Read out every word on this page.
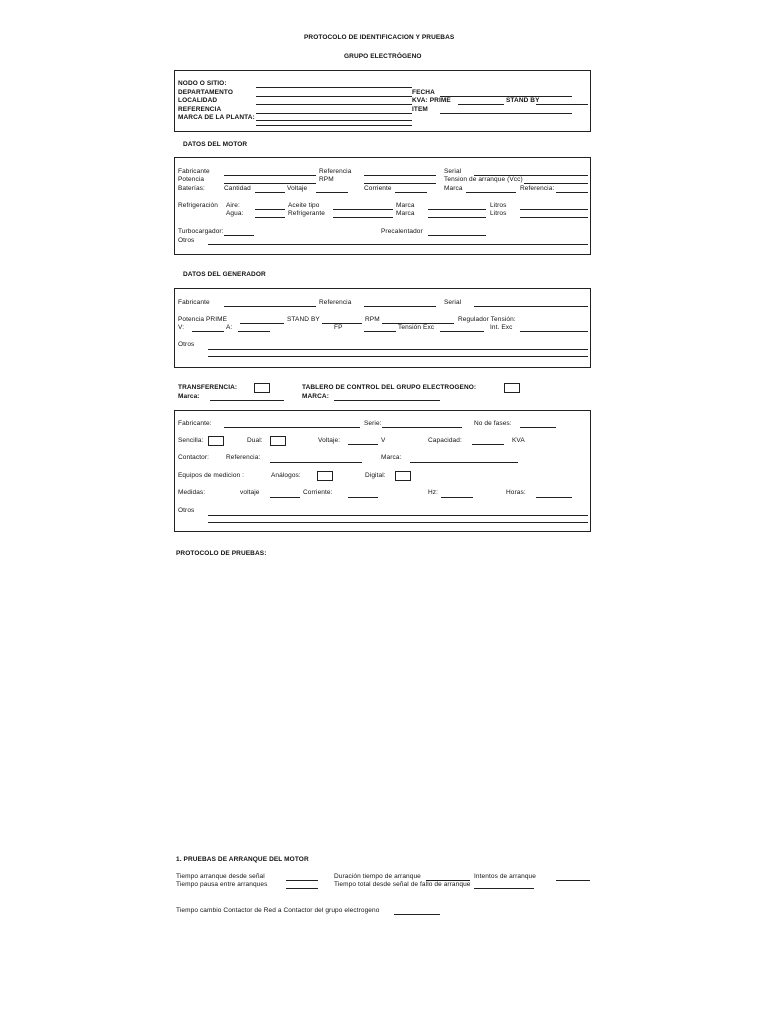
PROTOCOLO DE IDENTIFICACION Y PRUEBAS
GRUPO ELECTRÓGENO
NODO O SITIO:
DEPARTAMENTO
LOCALIDAD
REFERENCIA
MARCA DE LA PLANTA:
FECHA
KVA: PRIME	STAND BY
ITEM
DATOS DEL MOTOR
Fabricante	Referencia	Serial
Potencia	RPM	Tension de arranque (Vcc)
Baterías:	Cantidad	Voltaje	Corriente	Marca	Referencia:
Refrigeración Aire:	Aceite tipo	Marca	Litros
Agua:	Refrigerante	Marca	Litros
Turbocargador:	Precalentador
Otros
DATOS DEL GENERADOR
Fabricante	Referencia	Serial
Potencia PRIME	STAND BY	RPM	Regulador Tensión:
V:	A:	FP	Tensión Exc	Int. Exc
Otros
TRANSFERENCIA:
Marca:
TABLERO DE CONTROL DEL GRUPO ELECTROGENO:
MARCA:
Fabricante:	Serie:	No de fases:
Sencilla:	Dual:	Voltaje:	V	Capacidad:	KVA
Contactor:	Referencia:	Marca:
Equipos de medicion :	Análogos:	Digital:
Medidas:	voltaje	Corriente:	Hz:	Horas:
Otros
PROTOCOLO DE PRUEBAS:
1. PRUEBAS DE ARRANQUE DEL MOTOR
Tiempo arranque desde señal	Duración tiempo de arranque	Intentos de arranque
Tiempo pausa entre arranques	Tiempo total desde señal de fallo de arranque
Tiempo cambio Contactor de Red a Contactor del grupo electrogeno
